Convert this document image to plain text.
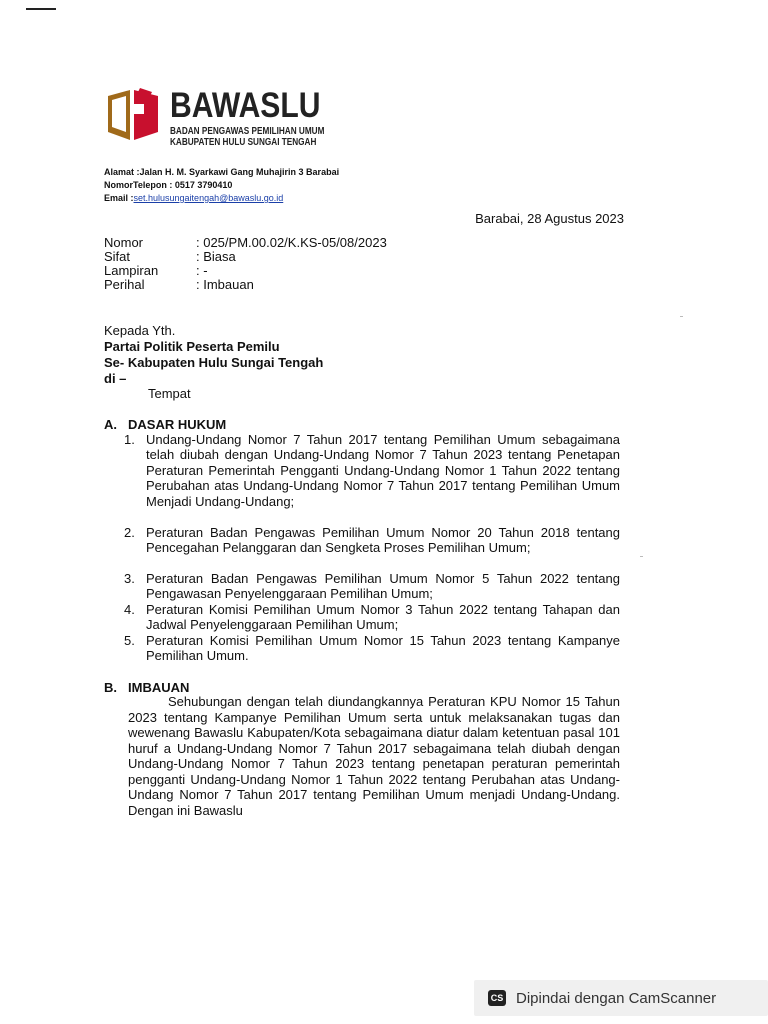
BAWASLU
BADAN PENGAWAS PEMILIHAN UMUM
KABUPATEN HULU SUNGAI TENGAH
Alamat :Jalan H. M. Syarkawi Gang Muhajirin 3 Barabai
NomorTelepon : 0517 3790410
Email :set.hulusungaitengah@bawaslu.go.id
Barabai, 28 Agustus 2023
Nomor	: 025/PM.00.02/K.KS-05/08/2023
Sifat	: Biasa
Lampiran	: -
Perihal	: Imbauan
Kepada Yth.
Partai Politik Peserta Pemilu
Se- Kabupaten Hulu Sungai Tengah
di –
Tempat
A. DASAR HUKUM
1. Undang-Undang Nomor 7 Tahun 2017 tentang Pemilihan Umum sebagaimana telah diubah dengan Undang-Undang Nomor 7 Tahun 2023 tentang Penetapan Peraturan Pemerintah Pengganti Undang-Undang Nomor 1 Tahun 2022 tentang Perubahan atas Undang-Undang Nomor 7 Tahun 2017 tentang Pemilihan Umum Menjadi Undang-Undang;
2. Peraturan Badan Pengawas Pemilihan Umum Nomor 20 Tahun 2018 tentang Pencegahan Pelanggaran dan Sengketa Proses Pemilihan Umum;
3. Peraturan Badan Pengawas Pemilihan Umum Nomor 5 Tahun 2022 tentang Pengawasan Penyelenggaraan Pemilihan Umum;
4. Peraturan Komisi Pemilihan Umum Nomor 3 Tahun 2022 tentang Tahapan dan Jadwal Penyelenggaraan Pemilihan Umum;
5. Peraturan Komisi Pemilihan Umum Nomor 15 Tahun 2023 tentang Kampanye Pemilihan Umum.
B. IMBAUAN
Sehubungan dengan telah diundangkannya Peraturan KPU Nomor 15 Tahun 2023 tentang Kampanye Pemilihan Umum serta untuk melaksanakan tugas dan wewenang Bawaslu Kabupaten/Kota sebagaimana diatur dalam ketentuan pasal 101 huruf a Undang-Undang Nomor 7 Tahun 2017 sebagaimana telah diubah dengan Undang-Undang Nomor 7 Tahun 2023 tentang penetapan peraturan pemerintah pengganti Undang-Undang Nomor 1 Tahun 2022 tentang Perubahan atas Undang-Undang Nomor 7 Tahun 2017 tentang Pemilihan Umum menjadi Undang-Undang. Dengan ini Bawaslu
CS Dipindai dengan CamScanner
